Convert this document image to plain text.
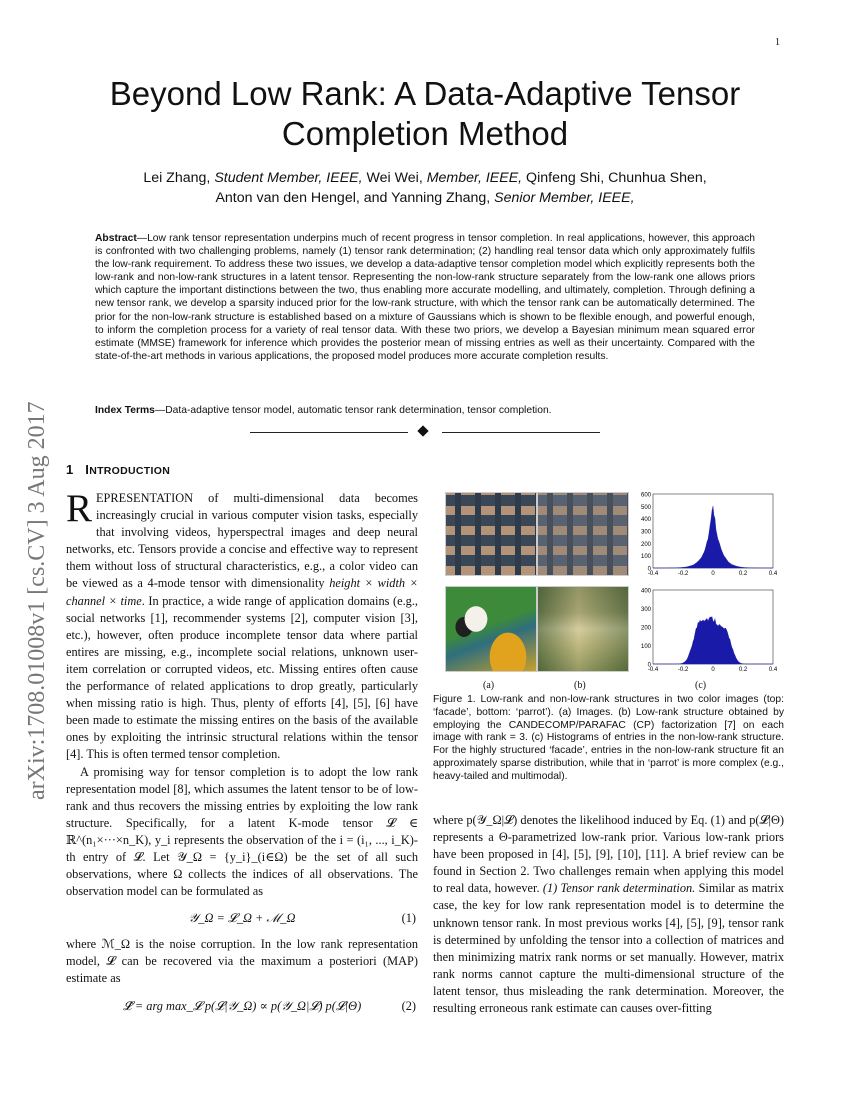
1
arXiv:1708.01008v1 [cs.CV] 3 Aug 2017
Beyond Low Rank: A Data-Adaptive Tensor
Completion Method
Lei Zhang, Student Member, IEEE, Wei Wei, Member, IEEE, Qinfeng Shi, Chunhua Shen,
Anton van den Hengel, and Yanning Zhang, Senior Member, IEEE,
Abstract—Low rank tensor representation underpins much of recent progress in tensor completion. In real applications, however, this approach is confronted with two challenging problems, namely (1) tensor rank determination; (2) handling real tensor data which only approximately fulfils the low-rank requirement. To address these two issues, we develop a data-adaptive tensor completion model which explicitly represents both the low-rank and non-low-rank structures in a latent tensor. Representing the non-low-rank structure separately from the low-rank one allows priors which capture the important distinctions between the two, thus enabling more accurate modelling, and ultimately, completion. Through defining a new tensor rank, we develop a sparsity induced prior for the low-rank structure, with which the tensor rank can be automatically determined. The prior for the non-low-rank structure is established based on a mixture of Gaussians which is shown to be flexible enough, and powerful enough, to inform the completion process for a variety of real tensor data. With these two priors, we develop a Bayesian minimum mean squared error estimate (MMSE) framework for inference which provides the posterior mean of missing entries as well as their uncertainty. Compared with the state-of-the-art methods in various applications, the proposed model produces more accurate completion results.
Index Terms—Data-adaptive tensor model, automatic tensor rank determination, tensor completion.
1 INTRODUCTION

REPRESENTATION of multi-dimensional data becomes increasingly crucial in various computer vision tasks, especially that involving videos, hyperspectral images and deep neural networks, etc. Tensors provide a concise and effective way to represent them without loss of structural characteristics, e.g., a color video can be viewed as a 4-mode tensor with dimensionality height × width × channel × time. In practice, a wide range of application domains (e.g., social networks [1], recommender systems [2], computer vision [3], etc.), however, often produce incomplete tensor data where partial entires are missing, e.g., incomplete social relations, unknown user-item correlation or corrupted videos, etc. Missing entires often cause the performance of related applications to drop greatly, particularly when missing ratio is high. Thus, plenty of efforts [4], [5], [6] have been made to estimate the missing entires on the basis of the available ones by exploiting the intrinsic structural relations within the tensor [4]. This is often termed tensor completion.

A promising way for tensor completion is to adopt the low rank representation model [8], which assumes the latent tensor to be of low-rank and thus recovers the missing entries by exploiting the low rank structure. Specifically, for a latent K-mode tensor 𝓛 ∈ ℝ^(n₁×···×n_K), y_i represents the observation of the i = (i₁, ..., i_K)-th entry of 𝓛. Let 𝒴_Ω = {y_i}_(i∈Ω) be the set of all such observations, where Ω collects the indices of all observations. The observation model can be formulated as

𝒴_Ω = 𝓛_Ω + ℳ_Ω	(1)

where ℳ_Ω is the noise corruption. In the low rank representation model, 𝓛 can be recovered via the maximum a posteriori (MAP) estimate as

𝓛̂ = arg max_𝓛 p(𝓛|𝒴_Ω) ∝ p(𝒴_Ω|𝓛) p(𝓛|Θ)	(2)
600
500
400
300
200
100
0
-0.4	-0.2	0	0.2	0.4
400
300
200
100
0
-0.4	-0.2	0	0.2	0.4
(a)	(b)	(c)
Figure 1. Low-rank and non-low-rank structures in two color images (top: ‘facade’, bottom: ‘parrot’). (a) Images. (b) Low-rank structure obtained by employing the CANDECOMP/PARAFAC (CP) factorization [7] on each image with rank = 3. (c) Histograms of entries in the non-low-rank structure. For the highly structured ‘facade’, entries in the non-low-rank structure fit an approximately sparse distribution, while that in ‘parrot’ is more complex (e.g., heavy-tailed and multimodal).

where p(𝒴_Ω|𝓛) denotes the likelihood induced by Eq. (1) and p(𝓛|Θ) represents a Θ-parametrized low-rank prior. Various low-rank priors have been proposed in [4], [5], [9], [10], [11]. A brief review can be found in Section 2. Two challenges remain when applying this model to real data, however. (1) Tensor rank determination. Similar as matrix case, the key for low rank representation model is to determine the unknown tensor rank. In most previous works [4], [5], [9], tensor rank is determined by unfolding the tensor into a collection of matrices and then minimizing matrix rank norms or set manually. However, matrix rank norms cannot capture the multi-dimensional structure of the latent tensor, thus misleading the rank determination. Moreover, the resulting erroneous rank estimate can causes over-fitting
